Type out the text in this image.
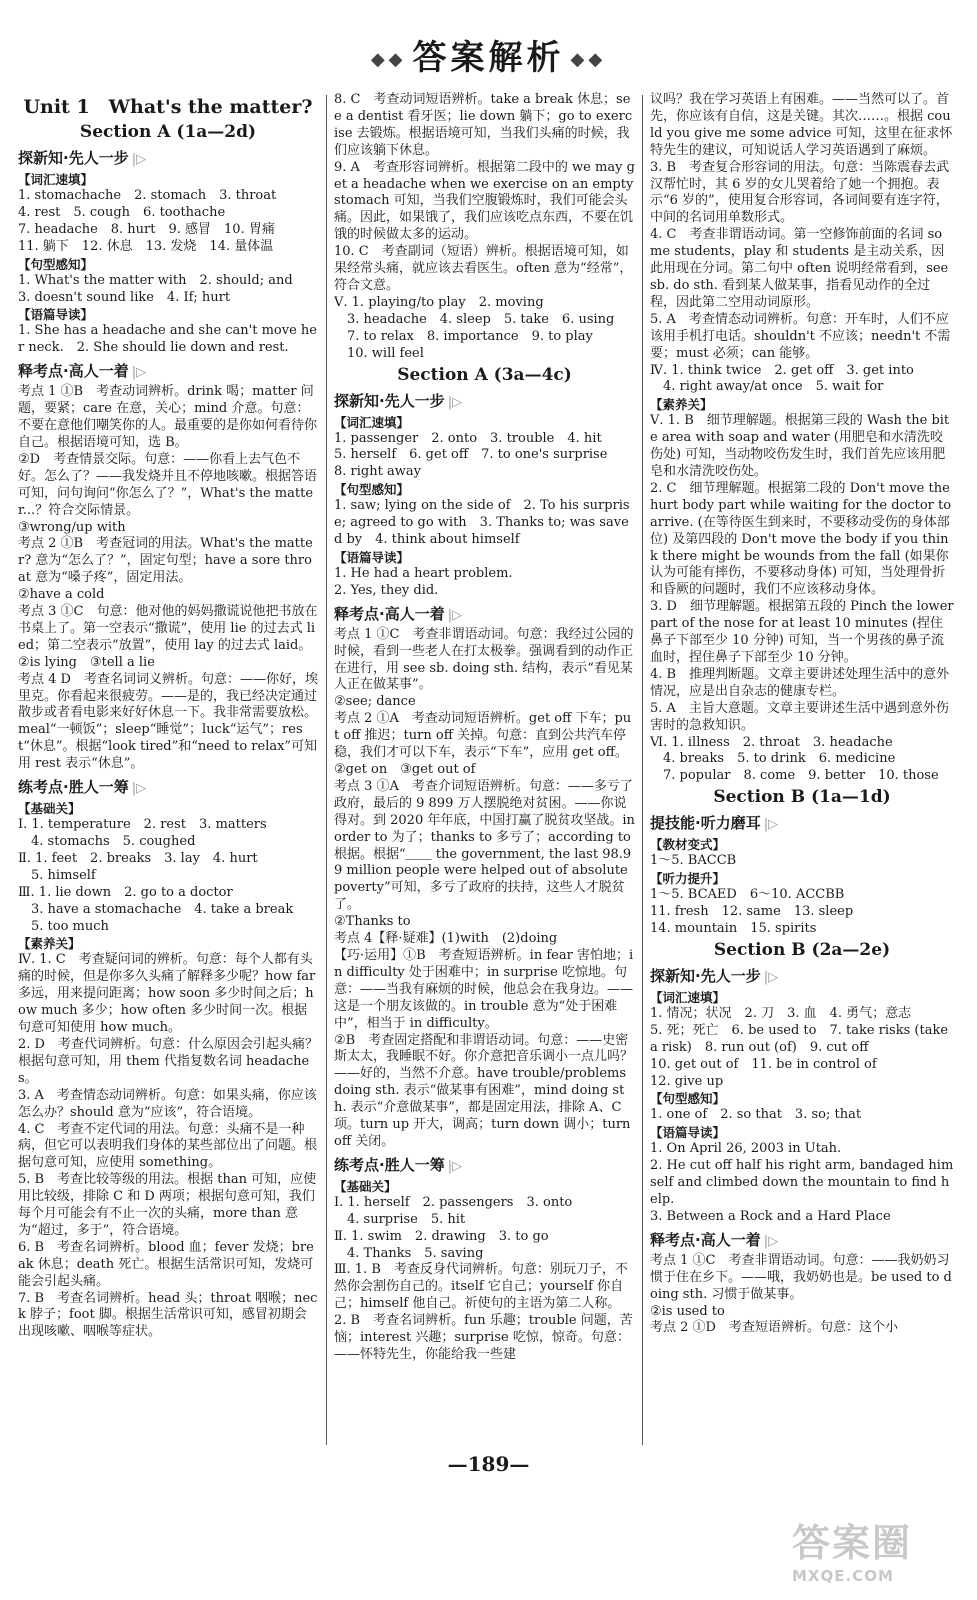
◆◆ 答案解析 ◆◆
Unit 1　What's the matter?
Section A (1a—2d)
探新知·先人一步 |▷
【词汇速填】
1. stomachache　2. stomach　3. throat
4. rest　5. cough　6. toothache
7. headache　8. hurt　9. 感冒　10. 胃痛
11. 躺下　12. 休息　13. 发烧　14. 量体温
【句型感知】
1. What's the matter with　2. should; and
3. doesn't sound like　4. If; hurt
【语篇导读】
1. She has a headache and she can't move her neck.　2. She should lie down and rest.
释考点·高人一着 |▷
考点 1 ①B　考查动词辨析。drink 喝；matter 问题，要紧；care 在意，关心；mind 介意。句意：不要在意他们嘲笑你的人。最重要的是你如何看待你自己。根据语境可知，选 B。
②D　考查情景交际。句意：——你看上去气色不好。怎么了？——我发烧并且不停地咳嗽。根据答语可知，问句询问“你怎么了？”，What's the matter...？符合交际情景。
③wrong/up with
考点 2 ①B　考查冠词的用法。What's the matter? 意为“怎么了？”，固定句型；have a sore throat 意为“嗓子疼”，固定用法。
②have a cold
考点 3 ①C　句意：他对他的妈妈撒谎说他把书放在书桌上了。第一空表示“撒谎”，使用 lie 的过去式 lied；第二空表示“放置”，使用 lay 的过去式 laid。
②is lying　③tell a lie
考点 4 D　考查名词词义辨析。句意：——你好，埃里克。你看起来很疲劳。——是的，我已经决定通过散步或者看电影来好好休息一下。我非常需要放松。meal“一顿饭”；sleep“睡觉”；luck“运气”；rest“休息”。根据“look tired”和“need to relax”可知用 rest 表示“休息”。
练考点·胜人一筹 |▷
【基础关】
Ⅰ. 1. temperature　2. rest　3. matters
　4. stomachs　5. coughed
Ⅱ. 1. feet　2. breaks　3. lay　4. hurt
　5. himself
Ⅲ. 1. lie down　2. go to a doctor
　3. have a stomachache　4. take a break
　5. too much
【素养关】
Ⅳ. 1. C　考查疑问词的辨析。句意：每个人都有头痛的时候，但是你多久头痛了解释多少呢？how far 多远，用来提问距离；how soon 多少时间之后；how much 多少；how often 多少时间一次。根据句意可知使用 how much。
2. D　考查代词辨析。句意：什么原因会引起头痛？根据句意可知，用 them 代指复数名词 headaches。
3. A　考查情态动词辨析。句意：如果头痛，你应该怎么办？should 意为“应该”，符合语境。
4. C　考查不定代词的用法。句意：头痛不是一种病，但它可以表明我们身体的某些部位出了问题。根据句意可知，应使用 something。
5. B　考查比较等级的用法。根据 than 可知，应使用比较级，排除 C 和 D 两项；根据句意可知，我们每个月可能会有不止一次的头痛，more than 意为“超过，多于”，符合语境。
6. B　考查名词辨析。blood 血；fever 发烧；break 休息；death 死亡。根据生活常识可知，发烧可能会引起头痛。
7. B　考查名词辨析。head 头；throat 咽喉；neck 脖子；foot 脚。根据生活常识可知，感冒初期会出现咳嗽、咽喉等症状。
8. C　考查动词短语辨析。take a break 休息；see a dentist 看牙医；lie down 躺下；go to exercise 去锻炼。根据语境可知，当我们头痛的时候，我们应该躺下休息。
9. A　考查形容词辨析。根据第二段中的 we may get a headache when we exercise on an empty stomach 可知，当我们空腹锻炼时，我们可能会头痛。因此，如果饿了，我们应该吃点东西，不要在饥饿的时候做太多的运动。
10. C　考查副词（短语）辨析。根据语境可知，如果经常头痛，就应该去看医生。often 意为“经常”，符合文意。
Ⅴ. 1. playing/to play　2. moving
　3. headache　4. sleep　5. take　6. using
　7. to relax　8. importance　9. to play
　10. will feel
Section A (3a—4c)
探新知·先人一步 |▷
【词汇速填】
1. passenger　2. onto　3. trouble　4. hit
5. herself　6. get off　7. to one's surprise
8. right away
【句型感知】
1. saw; lying on the side of　2. To his surprise; agreed to go with　3. Thanks to; was saved by　4. think about himself
【语篇导读】
1. He had a heart problem.
2. Yes, they did.
释考点·高人一着 |▷
考点 1 ①C　考查非谓语动词。句意：我经过公园的时候，看到一些老人在打太极拳。强调看到的动作正在进行，用 see sb. doing sth. 结构，表示“看见某人正在做某事”。
②see; dance
考点 2 ①A　考查动词短语辨析。get off 下车；put off 推迟；turn off 关掉。句意：直到公共汽车停稳，我们才可以下车，表示“下车”，应用 get off。
②get on　③get out of
考点 3 ①A　考查介词短语辨析。句意：——多亏了政府，最后的 9 899 万人摆脱绝对贫困。——你说得对。到 2020 年年底，中国打赢了脱贫攻坚战。in order to 为了；thanks to 多亏了；according to 根据。根据“＿＿ the government, the last 98.99 million people were helped out of absolute poverty”可知，多亏了政府的扶持，这些人才脱贫了。
②Thanks to
考点 4【释·疑难】(1)with　(2)doing
【巧·运用】①B　考查短语辨析。in fear 害怕地；in difficulty 处于困难中；in surprise 吃惊地。句意：——当我有麻烦的时候，他总会在我身边。——这是一个朋友该做的。in trouble 意为“处于困难中”，相当于 in difficulty。
②B　考查固定搭配和非谓语动词。句意：——史密斯太太，我睡眠不好。你介意把音乐调小一点儿吗？——好的，当然不介意。have trouble/problems doing sth. 表示“做某事有困难”，mind doing sth. 表示“介意做某事”，都是固定用法，排除 A、C 项。turn up 开大，调高；turn down 调小；turn off 关闭。
练考点·胜人一筹 |▷
【基础关】
Ⅰ. 1. herself　2. passengers　3. onto
　4. surprise　5. hit
Ⅱ. 1. swim　2. drawing　3. to go
　4. Thanks　5. saving
Ⅲ. 1. B　考查反身代词辨析。句意：别玩刀子，不然你会割伤自己的。itself 它自己；yourself 你自己；himself 他自己。祈使句的主语为第二人称。
2. B　考查名词辨析。fun 乐趣；trouble 问题，苦恼；interest 兴趣；surprise 吃惊，惊奇。句意：——怀特先生，你能给我一些建
议吗？我在学习英语上有困难。——当然可以了。首先，你应该有自信，这是关键。其次……。根据 could you give me some advice 可知，这里在征求怀特先生的建议，可知说话人学习英语遇到了麻烦。
3. B　考查复合形容词的用法。句意：当陈震春去武汉帮忙时，其 6 岁的女儿哭着给了她一个拥抱。表示“6 岁的”，使用复合形容词，各词间要有连字符，中间的名词用单数形式。
4. C　考查非谓语动词。第一空修饰前面的名词 some students，play 和 students 是主动关系，因此用现在分词。第二句中 often 说明经常看到，see sb. do sth. 看到某人做某事，指看见动作的全过程，因此第二空用动词原形。
5. A　考查情态动词辨析。句意：开车时，人们不应该用手机打电话。shouldn't 不应该；needn't 不需要；must 必须；can 能够。
Ⅳ. 1. think twice　2. get off　3. get into
　4. right away/at once　5. wait for
【素养关】
Ⅴ. 1. B　细节理解题。根据第三段的 Wash the bite area with soap and water (用肥皂和水清洗咬伤处) 可知，当动物咬伤发生时，我们首先应该用肥皂和水清洗咬伤处。
2. C　细节理解题。根据第二段的 Don't move the hurt body part while waiting for the doctor to arrive. (在等待医生到来时，不要移动受伤的身体部位) 及第四段的 Don't move the body if you think there might be wounds from the fall (如果你认为可能有摔伤，不要移动身体) 可知，当处理骨折和昏厥的问题时，我们不应该移动身体。
3. D　细节理解题。根据第五段的 Pinch the lower part of the nose for at least 10 minutes (捏住鼻子下部至少 10 分钟) 可知，当一个男孩的鼻子流血时，捏住鼻子下部至少 10 分钟。
4. B　推理判断题。文章主要讲述处理生活中的意外情况，应是出自杂志的健康专栏。
5. A　主旨大意题。文章主要讲述生活中遇到意外伤害时的急救知识。
Ⅵ. 1. illness　2. throat　3. headache
　4. breaks　5. to drink　6. medicine
　7. popular　8. come　9. better　10. those
Section B (1a—1d)
提技能·听力磨耳 |▷
【教材变式】
1～5. BACCB
【听力提升】
1～5. BCAED　6～10. ACCBB
11. fresh　12. same　13. sleep
14. mountain　15. spirits
Section B (2a—2e)
探新知·先人一步 |▷
【词汇速填】
1. 情况；状况　2. 刀　3. 血　4. 勇气；意志
5. 死；死亡　6. be used to　7. take risks (take a risk)　8. run out (of)　9. cut off
10. get out of　11. be in control of
12. give up
【句型感知】
1. one of　2. so that　3. so; that
【语篇导读】
1. On April 26, 2003 in Utah.
2. He cut off half his right arm, bandaged himself and climbed down the mountain to find help.
3. Between a Rock and a Hard Place
释考点·高人一着 |▷
考点 1 ①C　考查非谓语动词。句意：——我奶奶习惯于住在乡下。——哦，我奶奶也是。be used to doing sth. 习惯于做某事。
②is used to
考点 2 ①D　考查短语辨析。句意：这个小
—189—
答案圈
MXQE.COM
